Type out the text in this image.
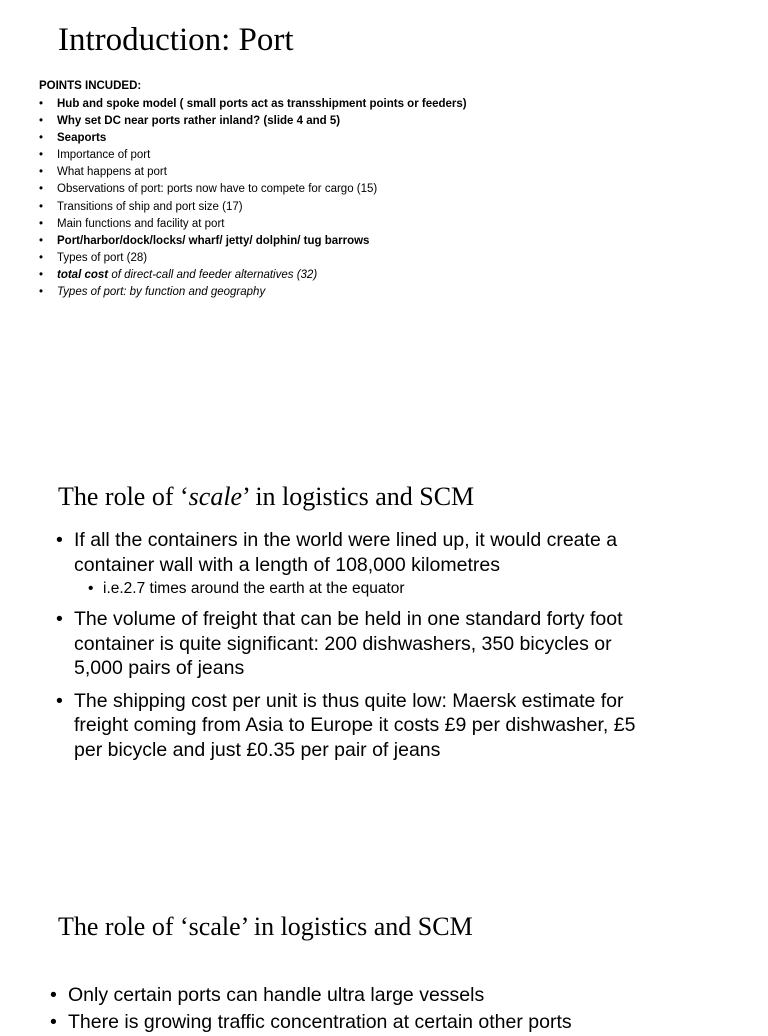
Introduction: Port
POINTS INCUDED:
• Hub and spoke model ( small ports act as transshipment points or feeders)
• Why set DC near ports rather inland? (slide 4 and 5)
• Seaports
• Importance of port
• What happens at port
• Observations of port: ports now have to compete for cargo (15)
• Transitions of ship and port size (17)
• Main functions and facility at port
• Port/harbor/dock/locks/ wharf/ jetty/ dolphin/ tug barrows
• Types of port (28)
• total cost of direct-call and feeder alternatives (32)
• Types of port: by function and geography
The role of ‘scale’ in logistics and SCM
• If all the containers in the world were lined up, it would create a container wall with a length of 108,000 kilometres
• i.e.2.7 times around the earth at the equator
• The volume of freight that can be held in one standard forty foot container is quite significant: 200 dishwashers, 350 bicycles or 5,000 pairs of jeans
• The shipping cost per unit is thus quite low: Maersk estimate for freight coming from Asia to Europe it costs £9 per dishwasher, £5 per bicycle and just £0.35 per pair of jeans
The role of ‘scale’ in logistics and SCM
• Only certain ports can handle ultra large vessels
• There is growing traffic concentration at certain other ports
